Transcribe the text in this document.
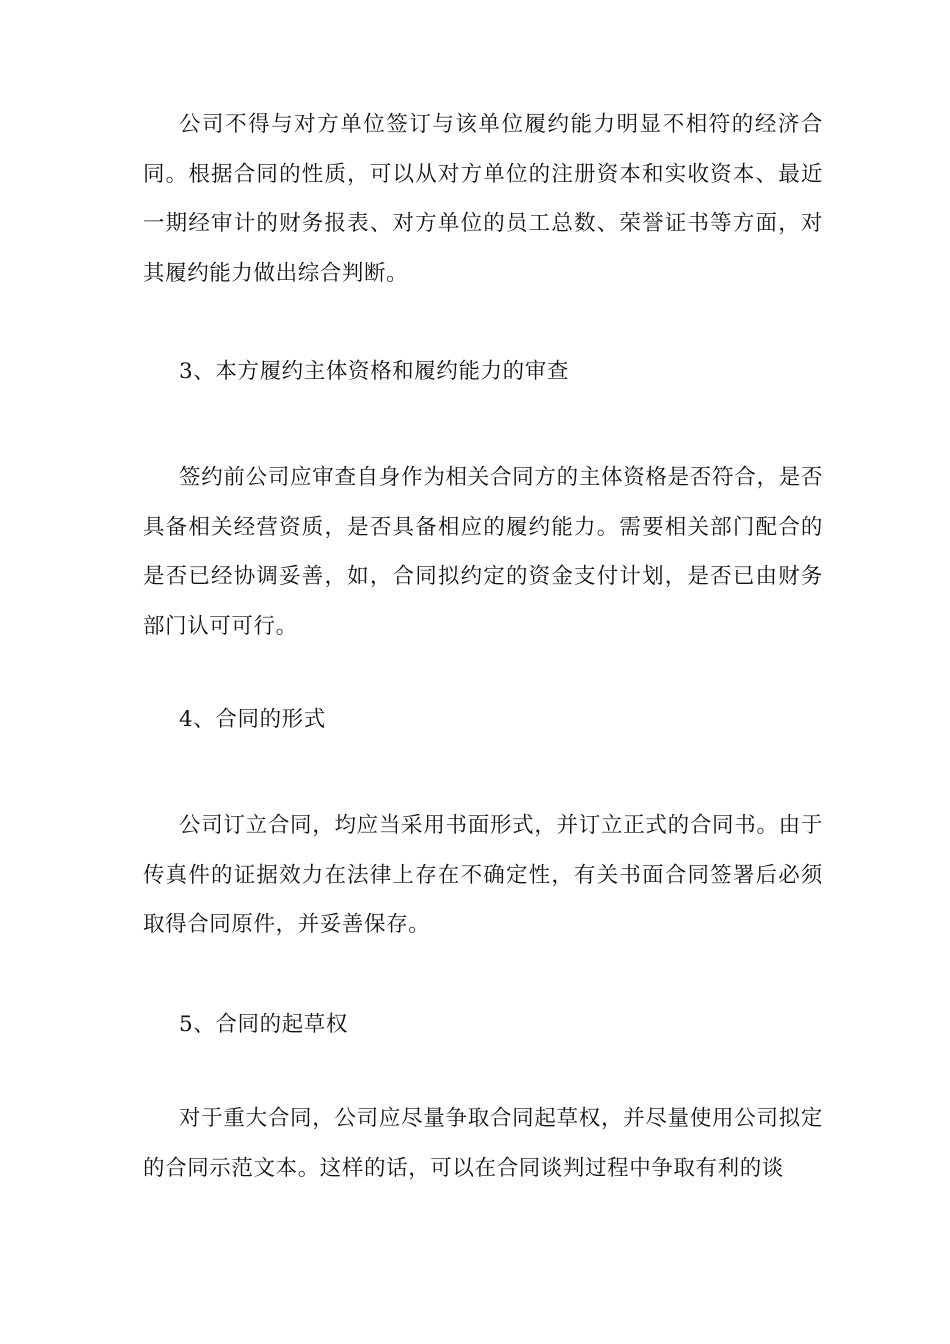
公司不得与对方单位签订与该单位履约能力明显不相符的经济合同。根据合同的性质，可以从对方单位的注册资本和实收资本、最近一期经审计的财务报表、对方单位的员工总数、荣誉证书等方面，对其履约能力做出综合判断。

3、本方履约主体资格和履约能力的审查

签约前公司应审查自身作为相关合同方的主体资格是否符合，是否具备相关经营资质，是否具备相应的履约能力。需要相关部门配合的是否已经协调妥善，如，合同拟约定的资金支付计划，是否已由财务部门认可可行。

4、合同的形式

公司订立合同，均应当采用书面形式，并订立正式的合同书。由于传真件的证据效力在法律上存在不确定性，有关书面合同签署后必须取得合同原件，并妥善保存。

5、合同的起草权

对于重大合同，公司应尽量争取合同起草权，并尽量使用公司拟定的合同示范文本。这样的话，可以在合同谈判过程中争取有利的谈
